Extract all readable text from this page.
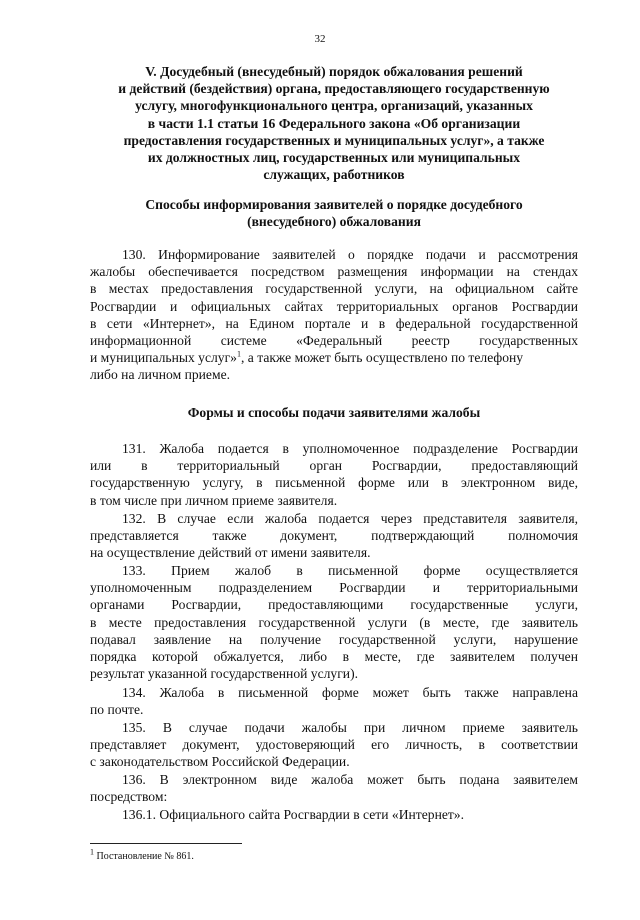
32
V. Досудебный (внесудебный) порядок обжалования решений
и действий (бездействия) органа, предоставляющего государственную
услугу, многофункционального центра, организаций, указанных
в части 1.1 статьи 16 Федерального закона «Об организации
предоставления государственных и муниципальных услуг», а также
их должностных лиц, государственных или муниципальных
служащих, работников
Способы информирования заявителей о порядке досудебного
(внесудебного) обжалования
130. Информирование заявителей о порядке подачи и рассмотрения
жалобы обеспечивается посредством размещения информации на стендах
в местах предоставления государственной услуги, на официальном сайте
Росгвардии и официальных сайтах территориальных органов Росгвардии
в сети «Интернет», на Едином портале и в федеральной государственной
информационной системе «Федеральный реестр государственных
и муниципальных услуг»$^1$, а также может быть осуществлено по телефону
либо на личном приеме.
Формы и способы подачи заявителями жалобы
131. Жалоба подается в уполномоченное подразделение Росгвардии
или в территориальный орган Росгвардии, предоставляющий
государственную услугу, в письменной форме или в электронном виде,
в том числе при личном приеме заявителя.
132. В случае если жалоба подается через представителя заявителя,
представляется также документ, подтверждающий полномочия
на осуществление действий от имени заявителя.
133. Прием жалоб в письменной форме осуществляется
уполномоченным подразделением Росгвардии и территориальными
органами Росгвардии, предоставляющими государственные услуги,
в месте предоставления государственной услуги (в месте, где заявитель
подавал заявление на получение государственной услуги, нарушение
порядка которой обжалуется, либо в месте, где заявителем получен
результат указанной государственной услуги).
134. Жалоба в письменной форме может быть также направлена
по почте.
135. В случае подачи жалобы при личном приеме заявитель
представляет документ, удостоверяющий его личность, в соответствии
с законодательством Российской Федерации.
136. В электронном виде жалоба может быть подана заявителем
посредством:
136.1. Официального сайта Росгвардии в сети «Интернет».
$^1$ Постановление № 861.
